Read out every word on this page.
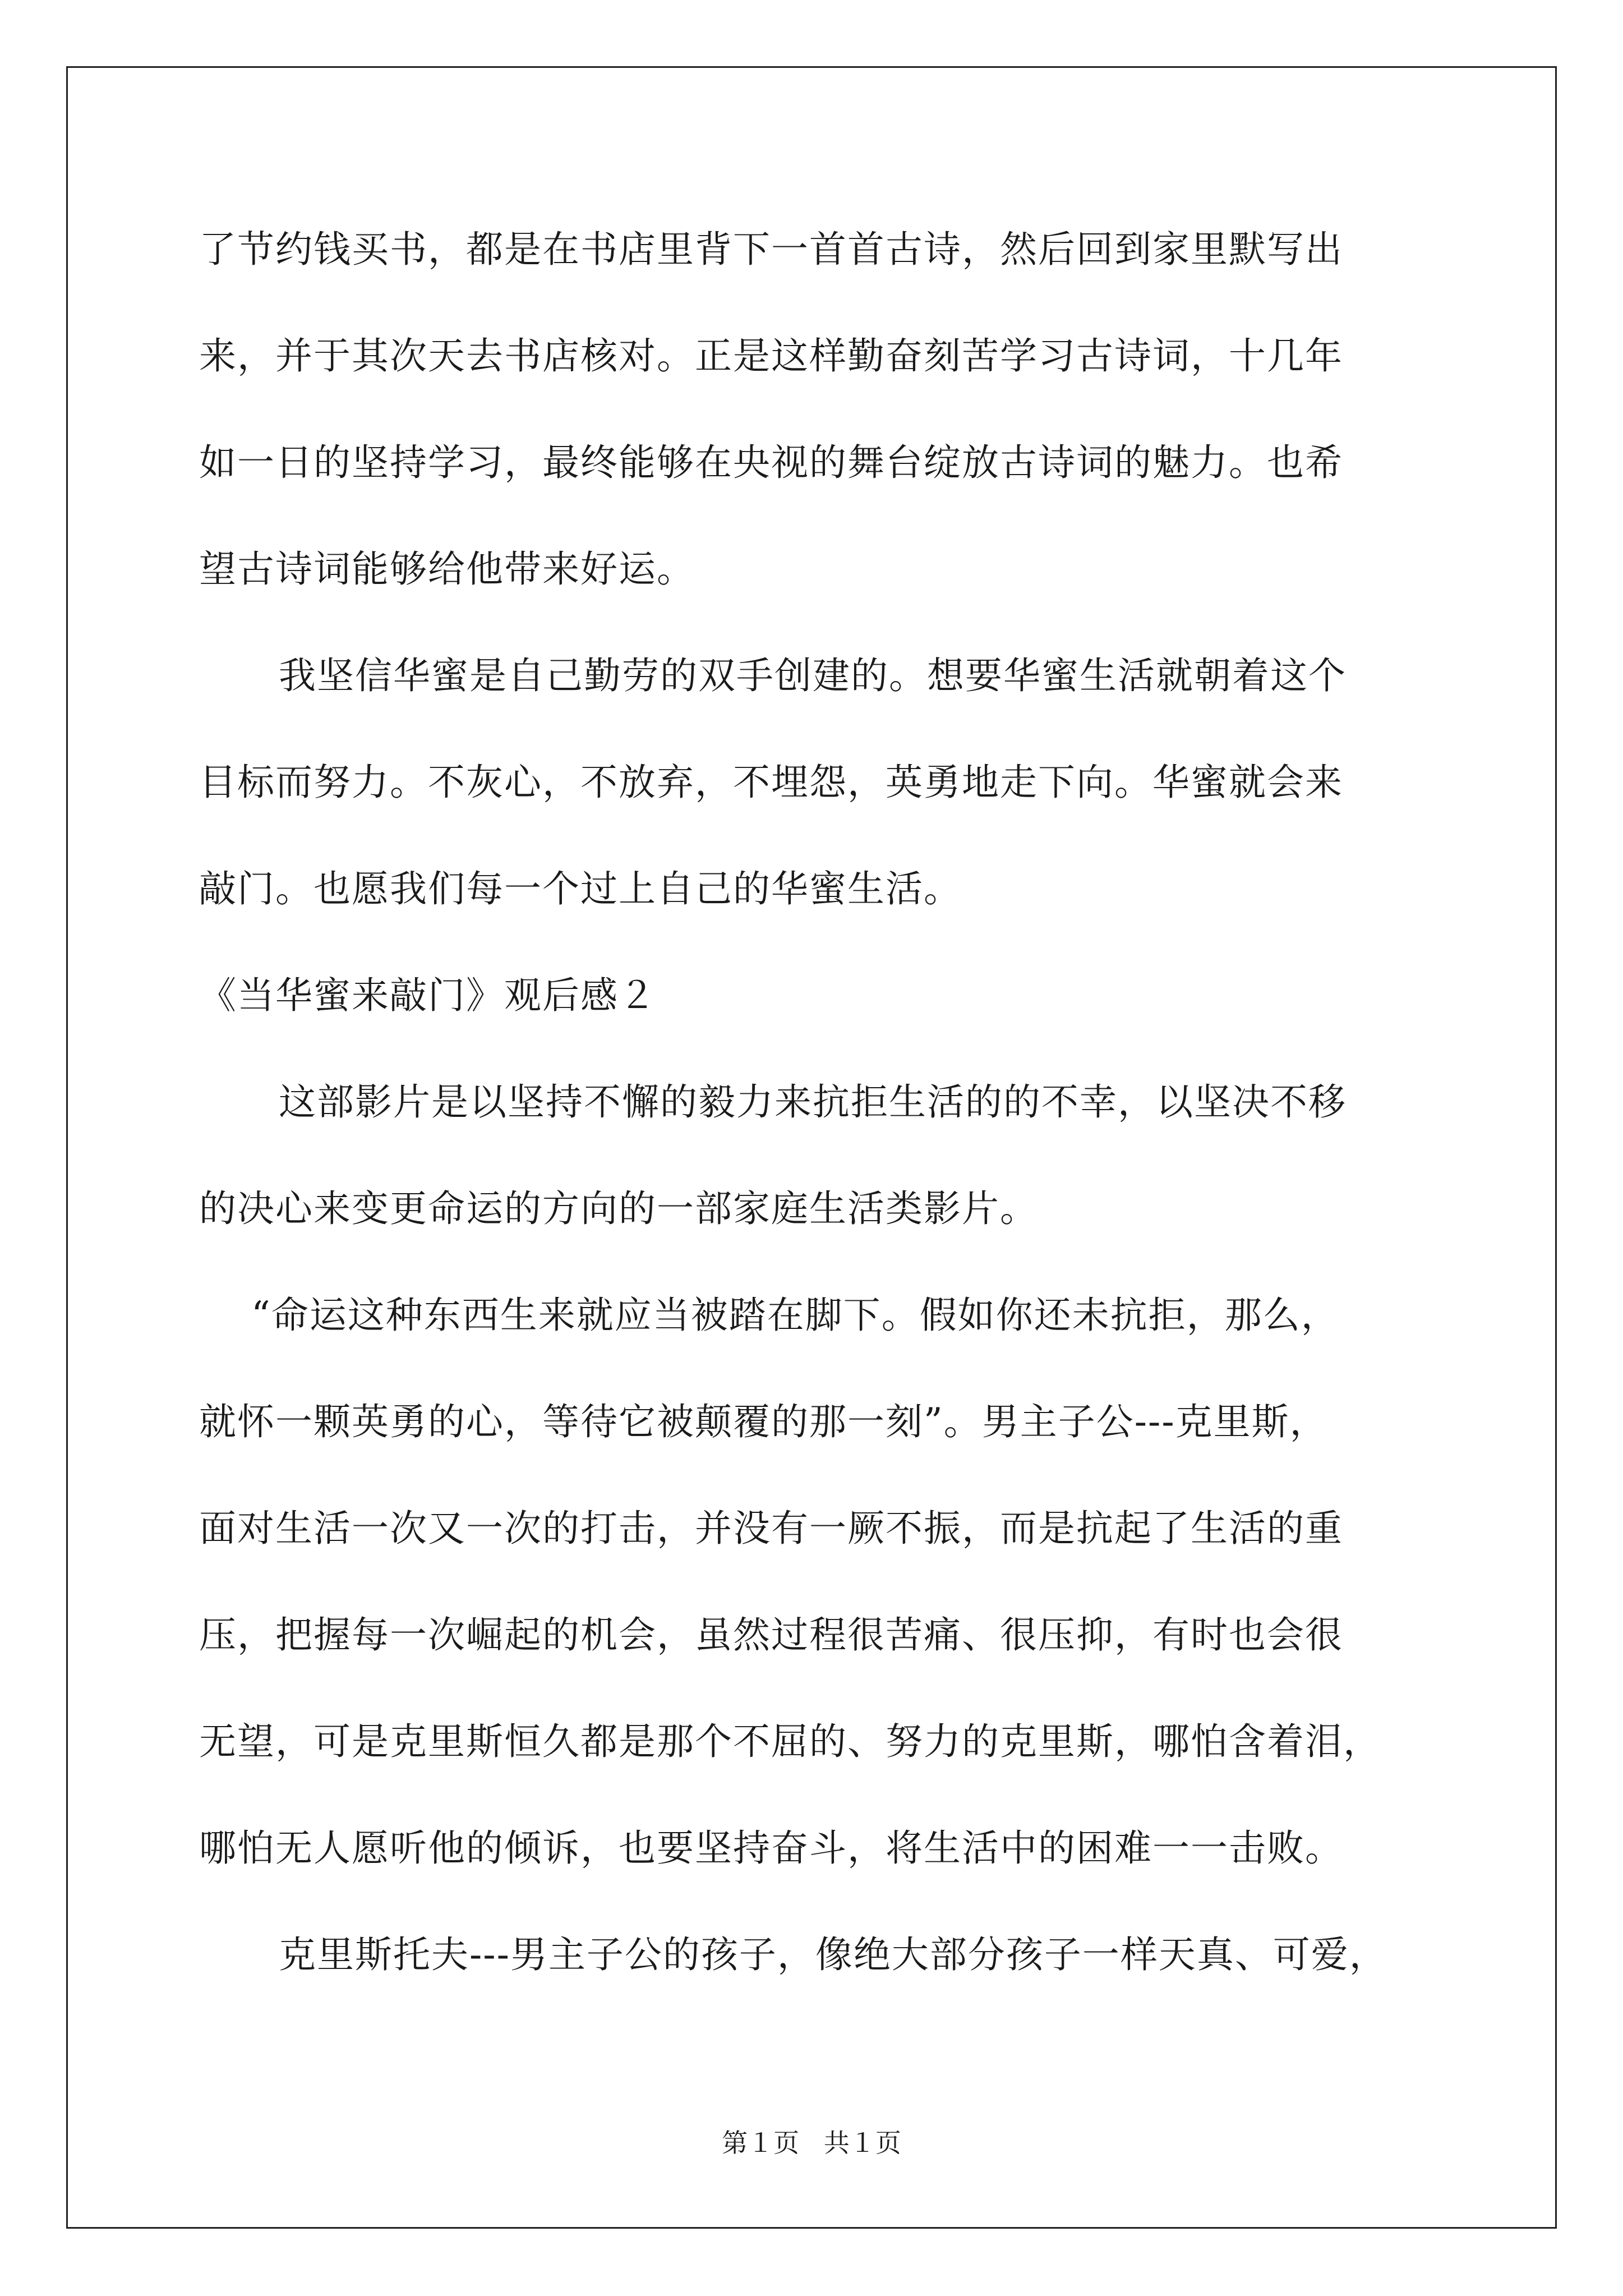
了节约钱买书，都是在书店里背下一首首古诗，然后回到家里默写出
来，并于其次天去书店核对。正是这样勤奋刻苦学习古诗词，十几年
如一日的坚持学习，最终能够在央视的舞台绽放古诗词的魅力。也希
望古诗词能够给他带来好运。
我坚信华蜜是自己勤劳的双手创建的。想要华蜜生活就朝着这个
目标而努力。不灰心，不放弃，不埋怨，英勇地走下向。华蜜就会来
敲门。也愿我们每一个过上自己的华蜜生活。
《当华蜜来敲门》观后感２
这部影片是以坚持不懈的毅力来抗拒生活的的不幸，以坚决不移
的决心来变更命运的方向的一部家庭生活类影片。
“命运这种东西生来就应当被踏在脚下。假如你还未抗拒，那么，
就怀一颗英勇的心，等待它被颠覆的那一刻”。男主子公---克里斯，
面对生活一次又一次的打击，并没有一厥不振，而是抗起了生活的重
压，把握每一次崛起的机会，虽然过程很苦痛、很压抑，有时也会很
无望，可是克里斯恒久都是那个不屈的、努力的克里斯，哪怕含着泪，
哪怕无人愿听他的倾诉，也要坚持奋斗，将生活中的困难一一击败。
克里斯托夫---男主子公的孩子，像绝大部分孩子一样天真、可爱，
第１页   共１页
